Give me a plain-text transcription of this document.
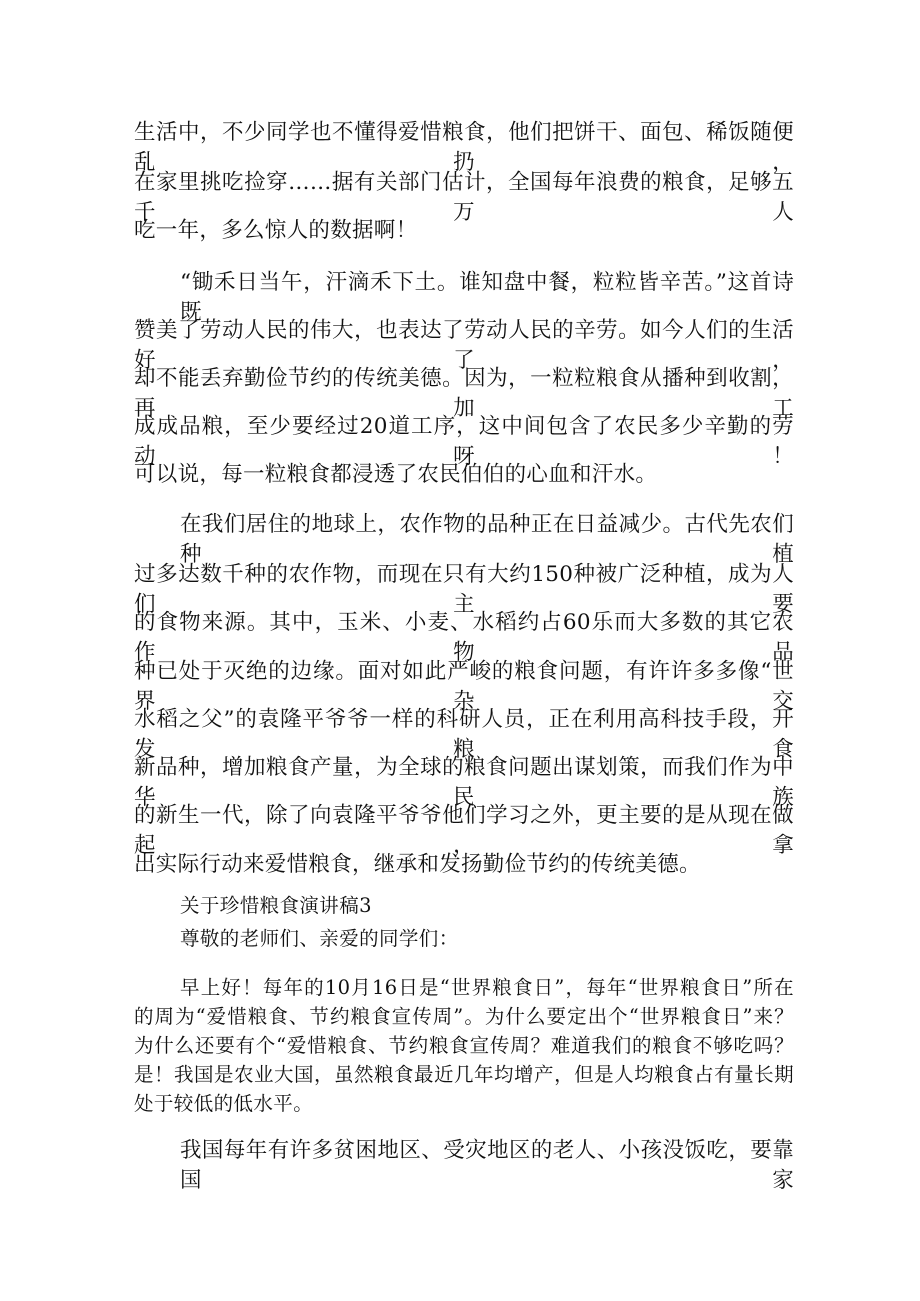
生活中，不少同学也不懂得爱惜粮食，他们把饼干、面包、稀饭随便乱扔，
在家里挑吃捡穿……据有关部门估计，全国每年浪费的粮食，足够五千万人
吃一年，多么惊人的数据啊！
“锄禾日当午，汗滴禾下土。谁知盘中餐，粒粒皆辛苦。”这首诗既
赞美了劳动人民的伟大，也表达了劳动人民的辛劳。如今人们的生活好了，
却不能丢弃勤俭节约的传统美德。因为，一粒粒粮食从播种到收割，再加工
成成品粮，至少要经过20道工序，这中间包含了农民多少辛勤的劳动呀！
可以说，每一粒粮食都浸透了农民伯伯的心血和汗水。
在我们居住的地球上，农作物的品种正在日益减少。古代先农们种植
过多达数千种的农作物，而现在只有大约150种被广泛种植，成为人们主要
的食物来源。其中，玉米、小麦、水稻约占60乐而大多数的其它农作物品
种已处于灭绝的边缘。面对如此严峻的粮食问题，有许许多多像“世界杂交
水稻之父”的袁隆平爷爷一样的科研人员，正在利用高科技手段，开发粮食
新品种，增加粮食产量，为全球的粮食问题出谋划策，而我们作为中华民族
的新生一代，除了向袁隆平爷爷他们学习之外，更主要的是从现在做起，拿
出实际行动来爱惜粮食，继承和发扬勤俭节约的传统美德。
关于珍惜粮食演讲稿3
尊敬的老师们、亲爱的同学们：
早上好！每年的10月16日是“世界粮食日”，每年“世界粮食日”所在
的周为“爱惜粮食、节约粮食宣传周”。为什么要定出个“世界粮食日”来？
为什么还要有个“爱惜粮食、节约粮食宣传周？难道我们的粮食不够吃吗？
是！我国是农业大国，虽然粮食最近几年均增产，但是人均粮食占有量长期
处于较低的低水平。
我国每年有许多贫困地区、受灾地区的老人、小孩没饭吃，要靠国家
